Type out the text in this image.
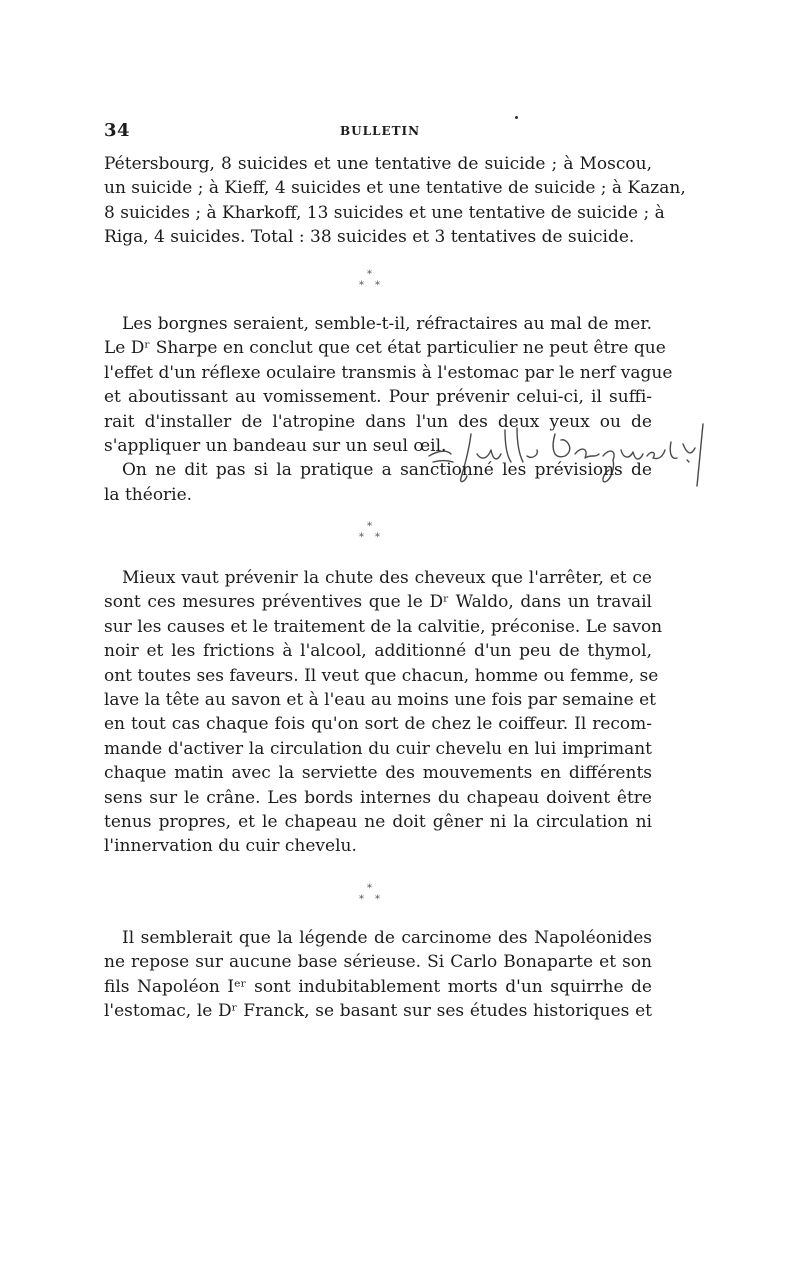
34	BULLETIN

Pétersbourg, 8 suicides et une tentative de suicide ; à Moscou,
un suicide ; à Kieff, 4 suicides et une tentative de suicide ; à Kazan,
8 suicides ; à Kharkoff, 13 suicides et une tentative de suicide ; à
Riga, 4 suicides. Total : 38 suicides et 3 tentatives de suicide.

*
* *

Les borgnes seraient, semble-t-il, réfractaires au mal de mer.
Le Dʳ Sharpe en conclut que cet état particulier ne peut être que
l'effet d'un réflexe oculaire transmis à l'estomac par le nerf vague
et aboutissant au vomissement. Pour prévenir celui-ci, il suffi-
rait d'installer de l'atropine dans l'un des deux yeux ou de
s'appliquer un bandeau sur un seul œil.
On ne dit pas si la pratique a sanctionné les prévisions de
la théorie.

*
* *

Mieux vaut prévenir la chute des cheveux que l'arrêter, et ce
sont ces mesures préventives que le Dʳ Waldo, dans un travail
sur les causes et le traitement de la calvitie, préconise. Le savon
noir et les frictions à l'alcool, additionné d'un peu de thymol,
ont toutes ses faveurs. Il veut que chacun, homme ou femme, se
lave la tête au savon et à l'eau au moins une fois par semaine et
en tout cas chaque fois qu'on sort de chez le coiffeur. Il recom-
mande d'activer la circulation du cuir chevelu en lui imprimant
chaque matin avec la serviette des mouvements en différents
sens sur le crâne. Les bords internes du chapeau doivent être
tenus propres, et le chapeau ne doit gêner ni la circulation ni
l'innervation du cuir chevelu.

*
* *

Il semblerait que la légende de carcinome des Napoléonides
ne repose sur aucune base sérieuse. Si Carlo Bonaparte et son
fils Napoléon Iᵉʳ sont indubitablement morts d'un squirrhe de
l'estomac, le Dʳ Franck, se basant sur ses études historiques et
